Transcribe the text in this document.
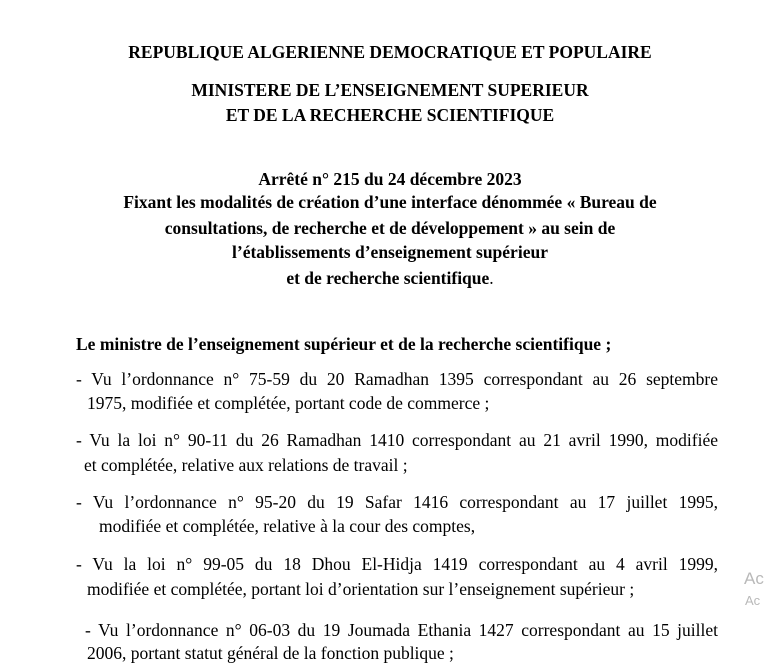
REPUBLIQUE ALGERIENNE DEMOCRATIQUE ET POPULAIRE
MINISTERE DE L’ENSEIGNEMENT SUPERIEUR
ET DE LA RECHERCHE SCIENTIFIQUE
Arrêté n° 215 du 24 décembre 2023
Fixant les modalités de création d’une interface dénommée « Bureau de
consultations, de recherche et de développement » au sein de
l’établissements d’enseignement supérieur
et de recherche scientifique.
Le ministre de l’enseignement supérieur et de la recherche scientifique ;
- Vu l’ordonnance n° 75-59 du 20 Ramadhan 1395 correspondant au 26 septembre
1975, modifiée et complétée, portant code de commerce ;
- Vu la loi n° 90-11 du 26 Ramadhan 1410 correspondant au 21 avril 1990, modifiée
et complétée, relative aux relations de travail ;
- Vu l’ordonnance n° 95-20 du 19 Safar 1416 correspondant au 17 juillet 1995,
modifiée et complétée, relative à la cour des comptes,
- Vu la loi n° 99-05 du 18 Dhou El-Hidja 1419 correspondant au 4 avril 1999,
modifiée et complétée, portant loi d’orientation sur l’enseignement supérieur ;
- Vu l’ordonnance n° 06-03 du 19 Joumada Ethania 1427 correspondant au 15 juillet
2006, portant statut général de la fonction publique ;
Ac
Ac
